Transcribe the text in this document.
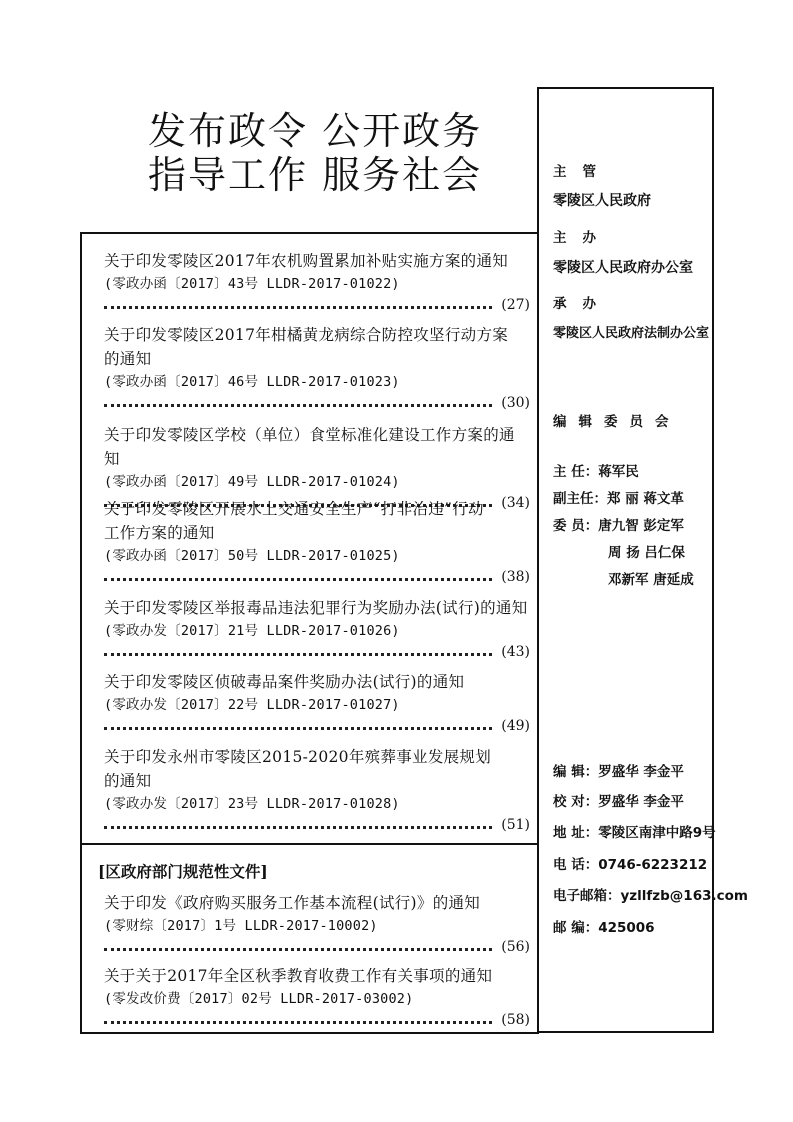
发布政令 公开政务
指导工作 服务社会
关于印发零陵区2017年农机购置累加补贴实施方案的通知
(零政办函〔2017〕43号 LLDR-2017-01022)
(27)
关于印发零陵区2017年柑橘黄龙病综合防控攻坚行动方案
的通知
(零政办函〔2017〕46号 LLDR-2017-01023)
(30)
关于印发零陵区学校（单位）食堂标准化建设工作方案的通知
(零政办函〔2017〕49号 LLDR-2017-01024)
(34)
关于印发零陵区开展水上交通安全生产“打非治违”行动
工作方案的通知
(零政办函〔2017〕50号 LLDR-2017-01025)
(38)
关于印发零陵区举报毒品违法犯罪行为奖励办法(试行)的通知
(零政办发〔2017〕21号 LLDR-2017-01026)
(43)
关于印发零陵区侦破毒品案件奖励办法(试行)的通知
(零政办发〔2017〕22号 LLDR-2017-01027)
(49)
关于印发永州市零陵区2015-2020年殡葬事业发展规划
的通知
(零政办发〔2017〕23号 LLDR-2017-01028)
(51)
关于印发《政府购买服务工作基本流程(试行)》的通知
(零财综〔2017〕1号 LLDR-2017-10002)
(56)
关于关于2017年全区秋季教育收费工作有关事项的通知
(零发改价费〔2017〕02号 LLDR-2017-03002)
(58)
[区政府部门规范性文件]
主管
零陵区人民政府
主办
零陵区人民政府办公室
承办
零陵区人民政府法制办公室
编辑委员会
主 任：蒋军民
副主任：郑 丽 蒋文革
委 员：唐九智 彭定军
周 扬 吕仁保
邓新军 唐延成
编 辑：罗盛华 李金平
校 对：罗盛华 李金平
地 址：零陵区南津中路9号
电 话：0746-6223212
电子邮箱：yzllfzb@163.com
邮 编：425006
